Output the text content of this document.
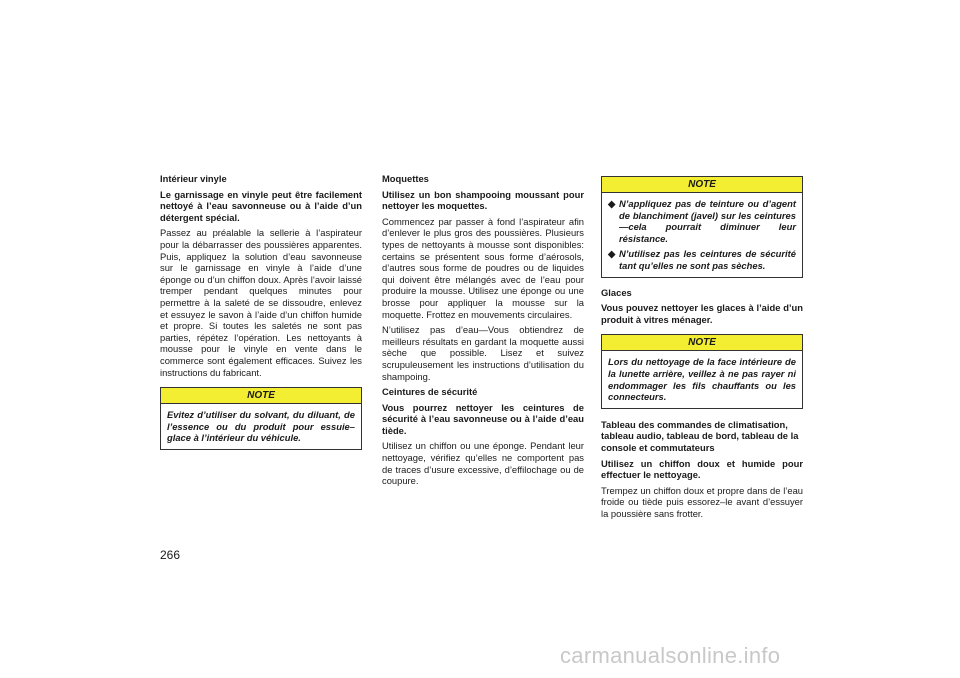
Intérieur vinyle
Le garnissage en vinyle peut être facilement nettoyé à l’eau savonneuse ou à l’aide d’un détergent spécial.
Passez au préalable la sellerie à l’aspirateur pour la débarrasser des poussières apparentes. Puis, appliquez la solution d’eau savonneuse sur le garnissage en vinyle à l’aide d’une éponge ou d’un chiffon doux. Après l’avoir laissé tremper pendant quelques minutes pour permettre à la saleté de se dissoudre, enlevez et essuyez le savon à l’aide d’un chiffon humide et propre. Si toutes les saletés ne sont pas parties, répétez l’opération. Les nettoyants à mousse pour le vinyle en vente dans le commerce sont également efficaces. Suivez les instructions du fabricant.
NOTE
Evitez d’utiliser du solvant, du diluant, de l’essence ou du produit pour essuie–glace à l’intérieur du véhicule.
Moquettes
Utilisez un bon shampooing moussant pour nettoyer les moquettes.
Commencez par passer à fond l’aspirateur afin d’enlever le plus gros des poussières. Plusieurs types de nettoyants à mousse sont disponibles: certains se présentent sous forme d’aérosols, d’autres sous forme de poudres ou de liquides qui doivent être mélangés avec de l’eau pour produire la mousse. Utilisez une éponge ou une brosse pour appliquer la mousse sur la moquette. Frottez en mouvements circulaires.
N’utilisez pas d’eau—Vous obtiendrez de meilleurs résultats en gardant la moquette aussi sèche que possible. Lisez et suivez scrupuleusement les instructions d’utilisation du shampoing.
Ceintures de sécurité
Vous pourrez nettoyer les ceintures de sécurité à l’eau savonneuse ou à l’aide d’eau tiède.
Utilisez un chiffon ou une éponge. Pendant leur nettoyage, vérifiez qu’elles ne comportent pas de traces d’usure excessive, d’effilochage ou de coupure.
NOTE
◆ N’appliquez pas de teinture ou d’agent de blanchiment (javel) sur les ceintures—cela pourrait diminuer leur résistance.
◆ N’utilisez pas les ceintures de sécurité tant qu’elles ne sont pas sèches.
Glaces
Vous pouvez nettoyer les glaces à l’aide d’un produit à vitres ménager.
NOTE
Lors du nettoyage de la face intérieure de la lunette arrière, veillez à ne pas rayer ni endommager les fils chauffants ou les connecteurs.
Tableau des commandes de climatisation, tableau audio, tableau de bord, tableau de la console et commutateurs
Utilisez un chiffon doux et humide pour effectuer le nettoyage.
Trempez un chiffon doux et propre dans de l’eau froide ou tiède puis essorez–le avant d’essuyer la poussière sans frotter.
266
carmanualsonline.info
